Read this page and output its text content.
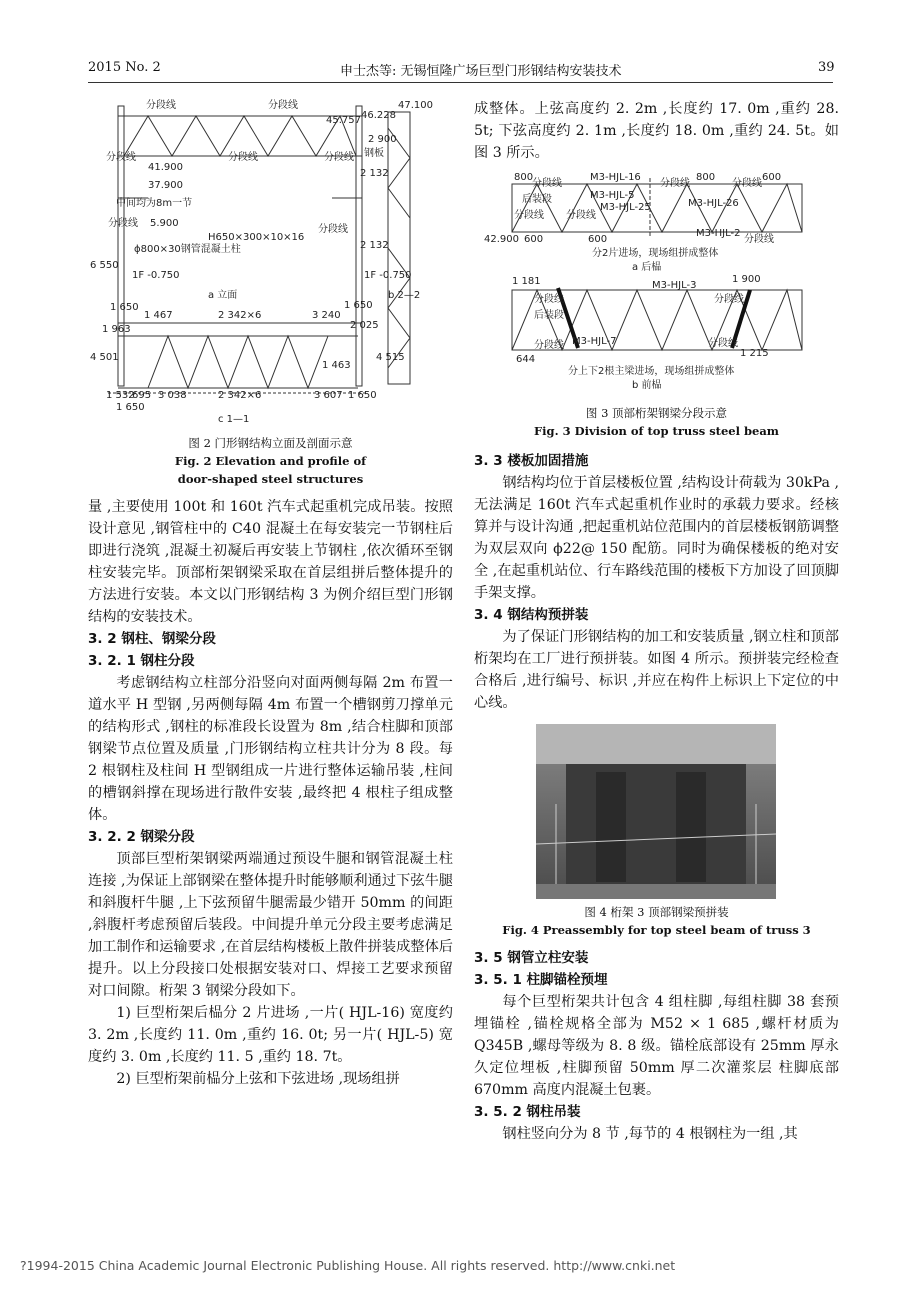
2015 No. 2	申士杰等: 无锡恒隆广场巨型门形钢结构安装技术	39
分段线	分段线	47.100
46.228
45.757
分段线	分段线	分段线
2 900
钢板
41.900
2 132
37.900
中间均为8m一节
分段线 5.900
H650×300×10×16
ϕ800×30钢管混凝土柱	2 132
分段线
6 550
1F -0.750	1F -0.750
a 立面	b 2—2
1 650
1 467	2 342×6	3 240
1 650
1 963	2 025
4 501	4 515
1 463
1 532
695 3 038	2 342×6	3 607 1 650
1 650
c 1—1

图 2 门形钢结构立面及剖面示意

Fig. 2 Elevation and profile of

door-shaped steel structures

量 ,主要使用 100t 和 160t 汽车式起重机完成吊装。按照设计意见 ,钢管柱中的 C40 混凝土在每安装完一节钢柱后即进行浇筑 ,混凝土初凝后再安装上节钢柱 ,依次循环至钢柱安装完毕。顶部桁架钢梁采取在首层组拼后整体提升的方法进行安装。本文以门形钢结构 3 为例介绍巨型门形钢结构的安装技术。

3. 2 钢柱、钢梁分段

3. 2. 1 钢柱分段

考虑钢结构立柱部分沿竖向对面两侧每隔 2m 布置一道水平 H 型钢 ,另两侧每隔 4m 布置一个槽钢剪刀撑单元的结构形式 ,钢柱的标准段长设置为 8m ,结合柱脚和顶部钢梁节点位置及质量 ,门形钢结构立柱共计分为 8 段。每 2 根钢柱及柱间 H 型钢组成一片进行整体运输吊装 ,柱间的槽钢斜撑在现场进行散件安装 ,最终把 4 根柱子组成整体。

3. 2. 2 钢梁分段

顶部巨型桁架钢梁两端通过预设牛腿和钢管混凝土柱连接 ,为保证上部钢梁在整体提升时能够顺利通过下弦牛腿和斜腹杆牛腿 ,上下弦预留牛腿需最少错开 50mm 的间距 ,斜腹杆考虑预留后装段。中间提升单元分段主要考虑满足加工制作和运输要求 ,在首层结构楼板上散件拼装成整体后提升。以上分段接口处根据安装对口、焊接工艺要求预留对口间隙。桁架 3 钢梁分段如下。

1) 巨型桁架后榀分 2 片进场 ,一片( HJL-16) 宽度约 3. 2m ,长度约 11. 0m ,重约 16. 0t; 另一片( HJL-5) 宽度约 3. 0m ,长度约 11. 5 ,重约 18. 7t。

2) 巨型桁架前榀分上弦和下弦进场 ,现场组拼

成整体。上弦高度约 2. 2m ,长度约 17. 0m ,重约 28. 5t; 下弦高度约 2. 1m ,长度约 18. 0m ,重约 24. 5t。如图 3 所示。

800
分段线
M3-HJL-16
分段线
800
分段线
600
后装段	M3-HJL-5
M3-HJL-25	M3-HJL-26
分段线 分段线
42.900 600	600
M3-HJL-2
分段线
分2片进场，现场组拼成整体
a 后榀
1 181	M3-HJL-3
1 900
分段线	分段线
后装段
分段线 M3-HJL-7	分段线
644
1 215
分上下2根主梁进场，现场组拼成整体
b 前榀

图 3 顶部桁架钢梁分段示意

Fig. 3 Division of top truss steel beam

3. 3 楼板加固措施

钢结构均位于首层楼板位置 ,结构设计荷载为 30kPa ,无法满足 160t 汽车式起重机作业时的承载力要求。经核算并与设计沟通 ,把起重机站位范围内的首层楼板钢筋调整为双层双向 ϕ22@ 150 配筋。同时为确保楼板的绝对安全 ,在起重机站位、行车路线范围的楼板下方加设了回顶脚手架支撑。

3. 4 钢结构预拼装

为了保证门形钢结构的加工和安装质量 ,钢立柱和顶部桁架均在工厂进行预拼装。如图 4 所示。预拼装完经检查合格后 ,进行编号、标识 ,并应在构件上标识上下定位的中心线。

图 4 桁架 3 顶部钢梁预拼装

Fig. 4 Preassembly for top steel beam of truss 3

3. 5 钢管立柱安装

3. 5. 1 柱脚锚栓预埋

每个巨型桁架共计包含 4 组柱脚 ,每组柱脚 38 套预埋锚栓 ,锚栓规格全部为 M52 × 1 685 ,螺杆材质为 Q345B ,螺母等级为 8. 8 级。锚栓底部设有 25mm 厚永久定位埋板 ,柱脚预留 50mm 厚二次灌浆层 柱脚底部 670mm 高度内混凝土包裹。

3. 5. 2 钢柱吊装

钢柱竖向分为 8 节 ,每节的 4 根钢柱为一组 ,其

?1994-2015 China Academic Journal Electronic Publishing House. All rights reserved. http://www.cnki.net
